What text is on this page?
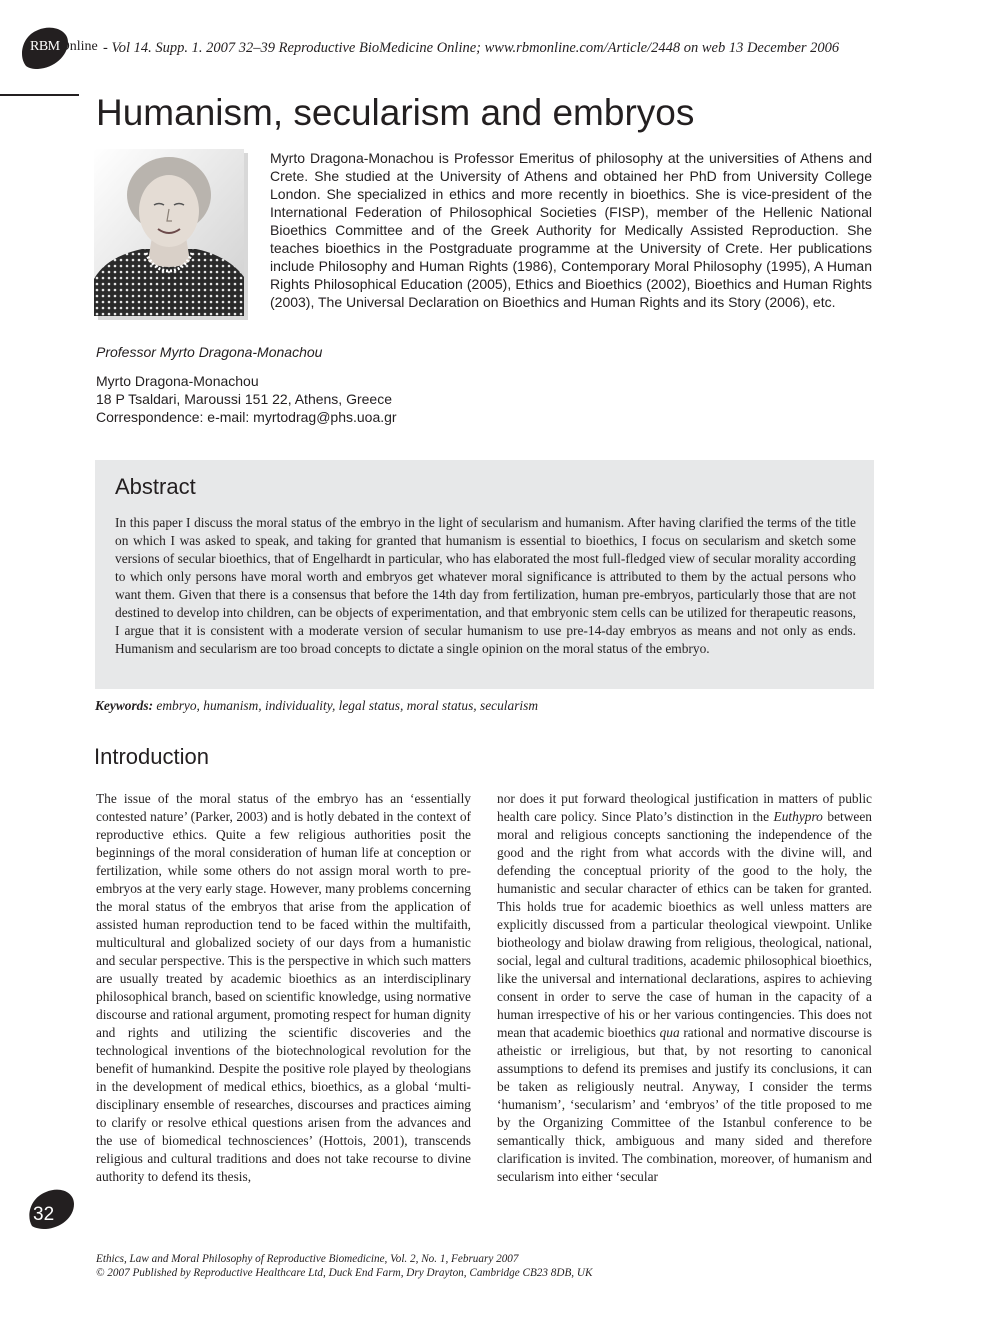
RBMOnline - Vol 14. Supp. 1. 2007 32–39 Reproductive BioMedicine Online; www.rbmonline.com/Article/2448 on web 13 December 2006
Humanism, secularism and embryos

Myrto Dragona-Monachou is Professor Emeritus of philosophy at the universities of Athens and Crete. She studied at the University of Athens and obtained her PhD from University College London. She specialized in ethics and more recently in bioethics. She is vice-president of the International Federation of Philosophical Societies (FISP), member of the Hellenic National Bioethics Committee and of the Greek Authority for Medically Assisted Reproduction. She teaches bioethics in the Postgraduate programme at the University of Crete. Her publications include Philosophy and Human Rights (1986), Contemporary Moral Philosophy (1995), A Human Rights Philosophical Education (2005), Ethics and Bioethics (2002), Bioethics and Human Rights (2003), The Universal Declaration on Bioethics and Human Rights and its Story (2006), etc.

Professor Myrto Dragona-Monachou
Myrto Dragona-Monachou
18 P Tsaldari, Maroussi 151 22, Athens, Greece
Correspondence: e-mail: myrtodrag@phs.uoa.gr
Abstract

In this paper I discuss the moral status of the embryo in the light of secularism and humanism. After having clarified the terms of the title on which I was asked to speak, and taking for granted that humanism is essential to bioethics, I focus on secularism and sketch some versions of secular bioethics, that of Engelhardt in particular, who has elaborated the most full-fledged view of secular morality according to which only persons have moral worth and embryos get whatever moral significance is attributed to them by the actual persons who want them. Given that there is a consensus that before the 14th day from fertilization, human pre-embryos, particularly those that are not destined to develop into children, can be objects of experimentation, and that embryonic stem cells can be utilized for therapeutic reasons, I argue that it is consistent with a moderate version of secular humanism to use pre-14-day embryos as means and not only as ends. Humanism and secularism are too broad concepts to dictate a single opinion on the moral status of the embryo.

Keywords: embryo, humanism, individuality, legal status, moral status, secularism
Introduction

The issue of the moral status of the embryo has an ‘essentially contested nature’ (Parker, 2003) and is hotly debated in the context of reproductive ethics. Quite a few religious authorities posit the beginnings of the moral consideration of human life at conception or fertilization, while some others do not assign moral worth to pre-embryos at the very early stage. However, many problems concerning the moral status of the embryos that arise from the application of assisted human reproduction tend to be faced within the multifaith, multicultural and globalized society of our days from a humanistic and secular perspective. This is the perspective in which such matters are usually treated by academic bioethics as an interdisciplinary philosophical branch, based on scientific knowledge, using normative discourse and rational argument, promoting respect for human dignity and rights and utilizing the scientific discoveries and the technological inventions of the biotechnological revolution for the benefit of humankind. Despite the positive role played by theologians in the development of medical ethics, bioethics, as a global ‘multi-disciplinary ensemble of researches, discourses and practices aiming to clarify or resolve ethical questions arisen from the advances and the use of biomedical technosciences’ (Hottois, 2001), transcends religious and cultural traditions and does not take recourse to divine authority to defend its thesis,

nor does it put forward theological justification in matters of public health care policy. Since Plato’s distinction in the Euthypro between moral and religious concepts sanctioning the independence of the good and the right from what accords with the divine will, and defending the conceptual priority of the good to the holy, the humanistic and secular character of ethics can be taken for granted. This holds true for academic bioethics as well unless matters are explicitly discussed from a particular theological viewpoint. Unlike biotheology and biolaw drawing from religious, theological, national, social, legal and cultural traditions, academic philosophical bioethics, like the universal and international declarations, aspires to achieving consent in order to serve the case of human in the capacity of a human irrespective of his or her various contingencies. This does not mean that academic bioethics qua rational and normative discourse is atheistic or irreligious, but that, by not resorting to canonical assumptions to defend its premises and justify its conclusions, it can be taken as religiously neutral. Anyway, I consider the terms ‘humanism’, ‘secularism’ and ‘embryos’ of the title proposed to me by the Organizing Committee of the Istanbul conference to be semantically thick, ambiguous and many sided and therefore clarification is invited. The combination, moreover, of humanism and secularism into either ‘secular

32
Ethics, Law and Moral Philosophy of Reproductive Biomedicine, Vol. 2, No. 1, February 2007
© 2007 Published by Reproductive Healthcare Ltd, Duck End Farm, Dry Drayton, Cambridge CB23 8DB, UK
